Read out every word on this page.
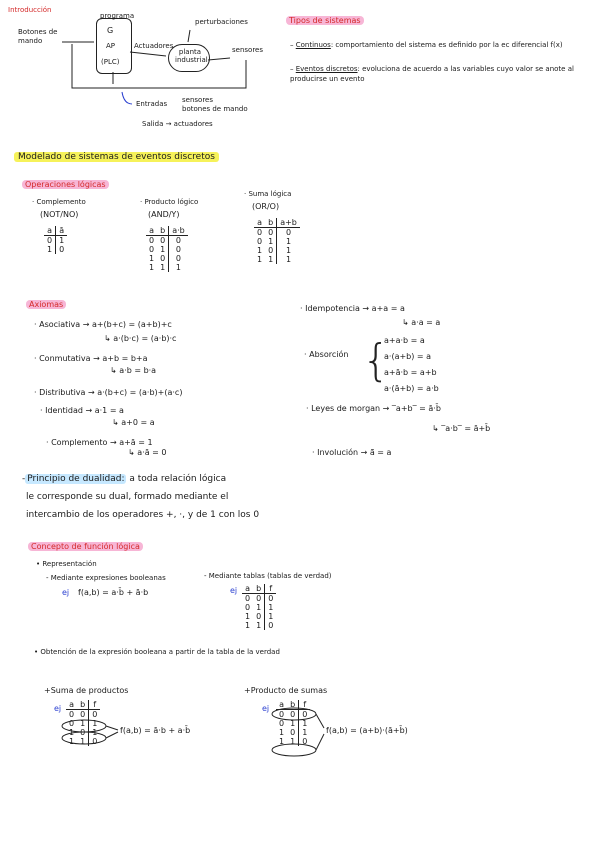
Introducción
Botones de mando
programa
G
AP
(PLC)
Actuadores
planta industrial
perturbaciones
sensores
Entradas sensores
botones de mando
Salida → actuadores
Tipos de sistemas
– Continuos: comportamiento del sistema es definido por la ec diferencial f(x)
– Eventos discretos: evoluciona de acuerdo a las variables cuyo valor se anote al producirse un evento
Modelado de sistemas de eventos discretos
Operaciones lógicas
· Complemento
(NOT/NO)
a	ā
0	1
1	0
· Producto lógico
(AND/Y)
a	b	a·b
0	0	0
0	1	0
1	0	0
1	1	1
· Suma lógica
(OR/O)
a	b	a+b
0	0	0
0	1	1
1	0	1
1	1	1
Axiomas
· Asociativa → a+(b+c) = (a+b)+c
↳ a·(b·c) = (a·b)·c
· Conmutativa → a+b = b+a
↳ a·b = b·a
· Distributiva → a·(b+c) = (a·b)+(a·c)
· Identidad → a·1 = a
↳ a+0 = a
· Complemento → a+ā = 1
↳ a·ā = 0
· Idempotencia → a+a = a
↳ a·a = a
· Absorción {
a+a·b = a
a·(a+b) = a
a+ā·b = a+b
a·(ā+b) = a·b
· Leyes de morgan → ‾a+b‾ = ā·b̄
↳ ‾a·b‾ = ā+b̄
· Involución → ā̄ = a
- Principio de dualidad: a toda relación lógica
le corresponde su dual, formado mediante el
intercambio de los operadores +, ·, y de 1 con los 0
Concepto de función lógica
• Representación
- Mediante expresiones booleanas	- Mediante tablas (tablas de verdad)
ej f(a,b) = a·b̄ + ā·b	ej a	b	f
0	0	0
0	1	1
1	0	1
1	1	0
• Obtención de la expresión booleana a partir de la tabla de la verdad
+Suma de productos
ej a	b	f
0	0	0
0	1	1
1	0	1
1	1	0
f(a,b) = ā·b + a·b̄
+Producto de sumas
ej a	b	f
0	0	0
0	1	1
1	0	1
1	1	0
f(a,b) = (a+b)·(ā+b̄)
